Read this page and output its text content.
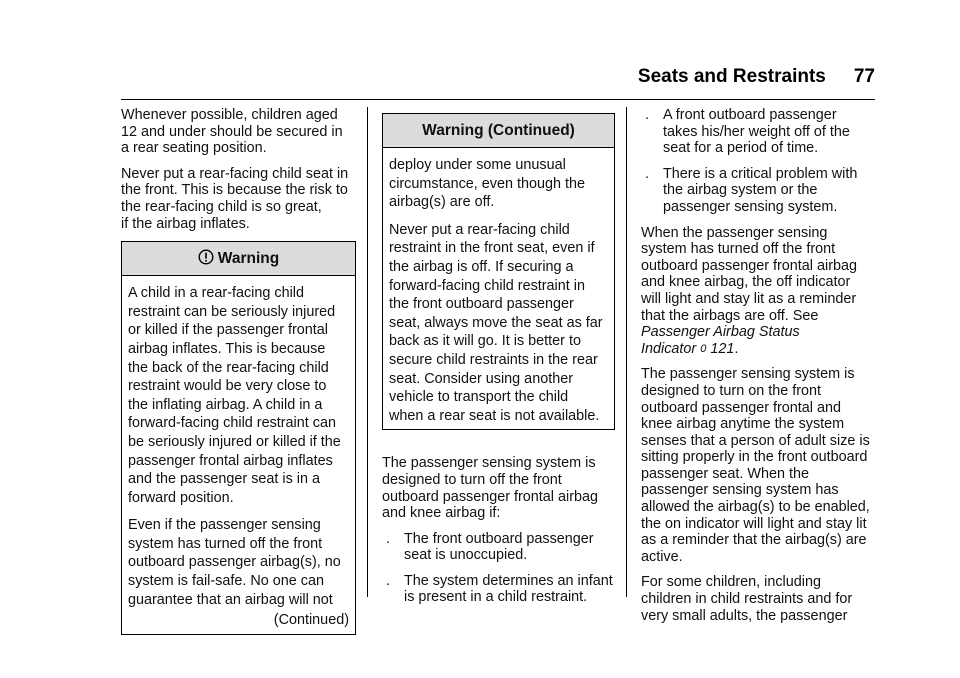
Seats and Restraints 77

Whenever possible, children aged
12 and under should be secured in
a rear seating position.

Never put a rear-facing child seat in
the front. This is because the risk to
the rear-facing child is so great,
if the airbag inflates.

Warning

A child in a rear-facing child
restraint can be seriously injured
or killed if the passenger frontal
airbag inflates. This is because
the back of the rear-facing child
restraint would be very close to
the inflating airbag. A child in a
forward-facing child restraint can
be seriously injured or killed if the
passenger frontal airbag inflates
and the passenger seat is in a
forward position.

Even if the passenger sensing
system has turned off the front
outboard passenger airbag(s), no
system is fail-safe. No one can
guarantee that an airbag will not

(Continued)
Warning (Continued)

deploy under some unusual
circumstance, even though the
airbag(s) are off.

Never put a rear-facing child
restraint in the front seat, even if
the airbag is off. If securing a
forward-facing child restraint in
the front outboard passenger
seat, always move the seat as far
back as it will go. It is better to
secure child restraints in the rear
seat. Consider using another
vehicle to transport the child
when a rear seat is not available.

The passenger sensing system is
designed to turn off the front
outboard passenger frontal airbag
and knee airbag if:

. The front outboard passenger
seat is unoccupied.
. The system determines an infant
is present in a child restraint.
. A front outboard passenger
takes his/her weight off of the
seat for a period of time.
. There is a critical problem with
the airbag system or the
passenger sensing system.

When the passenger sensing
system has turned off the front
outboard passenger frontal airbag
and knee airbag, the off indicator
will light and stay lit as a reminder
that the airbags are off. See
Passenger Airbag Status
Indicator 0 121.

The passenger sensing system is
designed to turn on the front
outboard passenger frontal and
knee airbag anytime the system
senses that a person of adult size is
sitting properly in the front outboard
passenger seat. When the
passenger sensing system has
allowed the airbag(s) to be enabled,
the on indicator will light and stay lit
as a reminder that the airbag(s) are
active.

For some children, including
children in child restraints and for
very small adults, the passenger
